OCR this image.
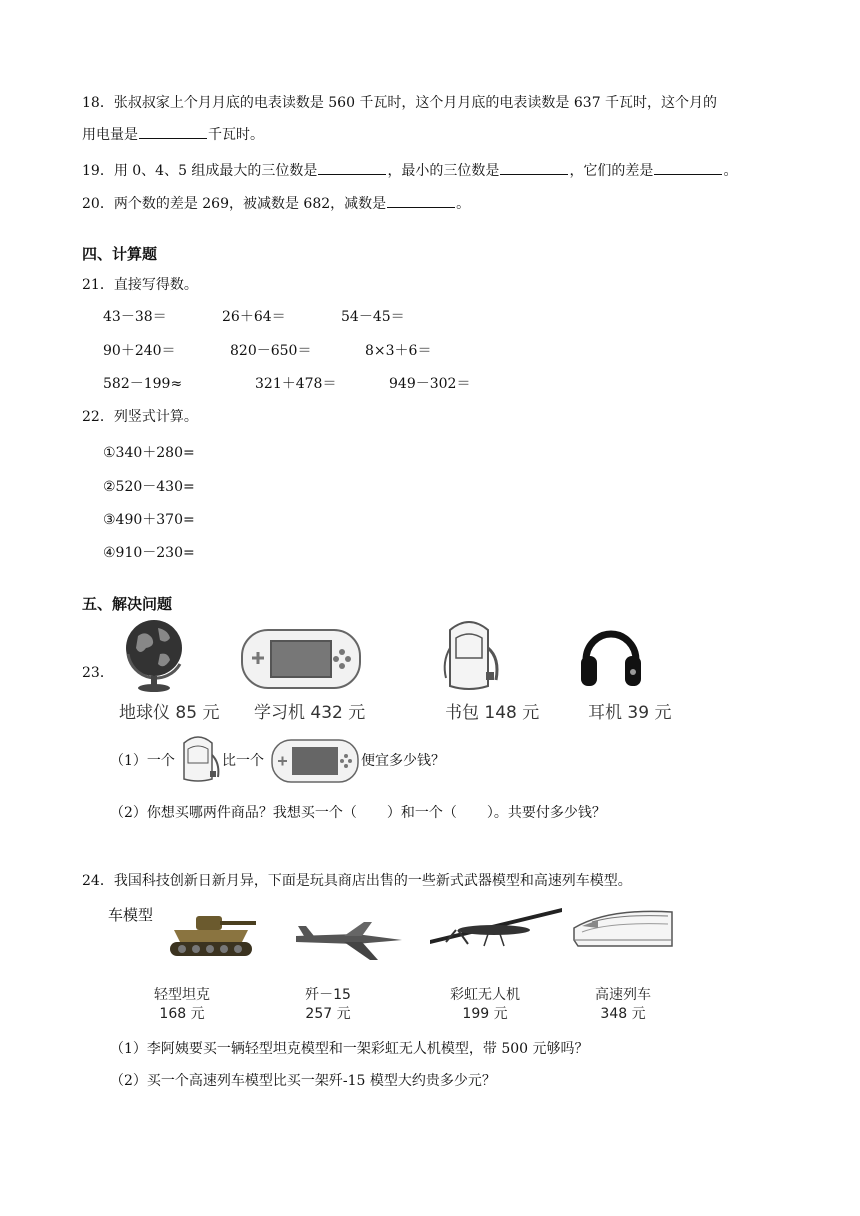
18．张叔叔家上个月月底的电表读数是 560 千瓦时，这个月月底的电表读数是 637 千瓦时，这个月的
用电量是	千瓦时。
19．用 0、4、5 组成最大的三位数是	，最小的三位数是	，它们的差是	。
20．两个数的差是 269，被减数是 682，减数是	。
四、计算题
21．直接写得数。
43－38＝	26＋64＝	54－45＝
90＋240＝	820－650＝	8×3＋6＝
582－199≈	321＋478＝	949－302＝
22．列竖式计算。
①340＋280=
②520－430=
③490＋370=
④910－230=
五、解决问题
23．
地球仪 85 元 学习机 432 元	书包 148 元	耳机 39 元
（1）一个	比一个	便宜多少钱？
（2）你想买哪两件商品？我想买一个（ ）和一个（ ）。共要付多少钱？
24．我国科技创新日新月异，下面是玩具商店出售的一些新式武器模型和高速列车模型。
车模型
轻型坦克
168 元
歼－15
257 元
彩虹无人机
199 元
高速列车
348 元
（1）李阿姨要买一辆轻型坦克模型和一架彩虹无人机模型，带 500 元够吗？
（2）买一个高速列车模型比买一架歼-15 模型大约贵多少元？
